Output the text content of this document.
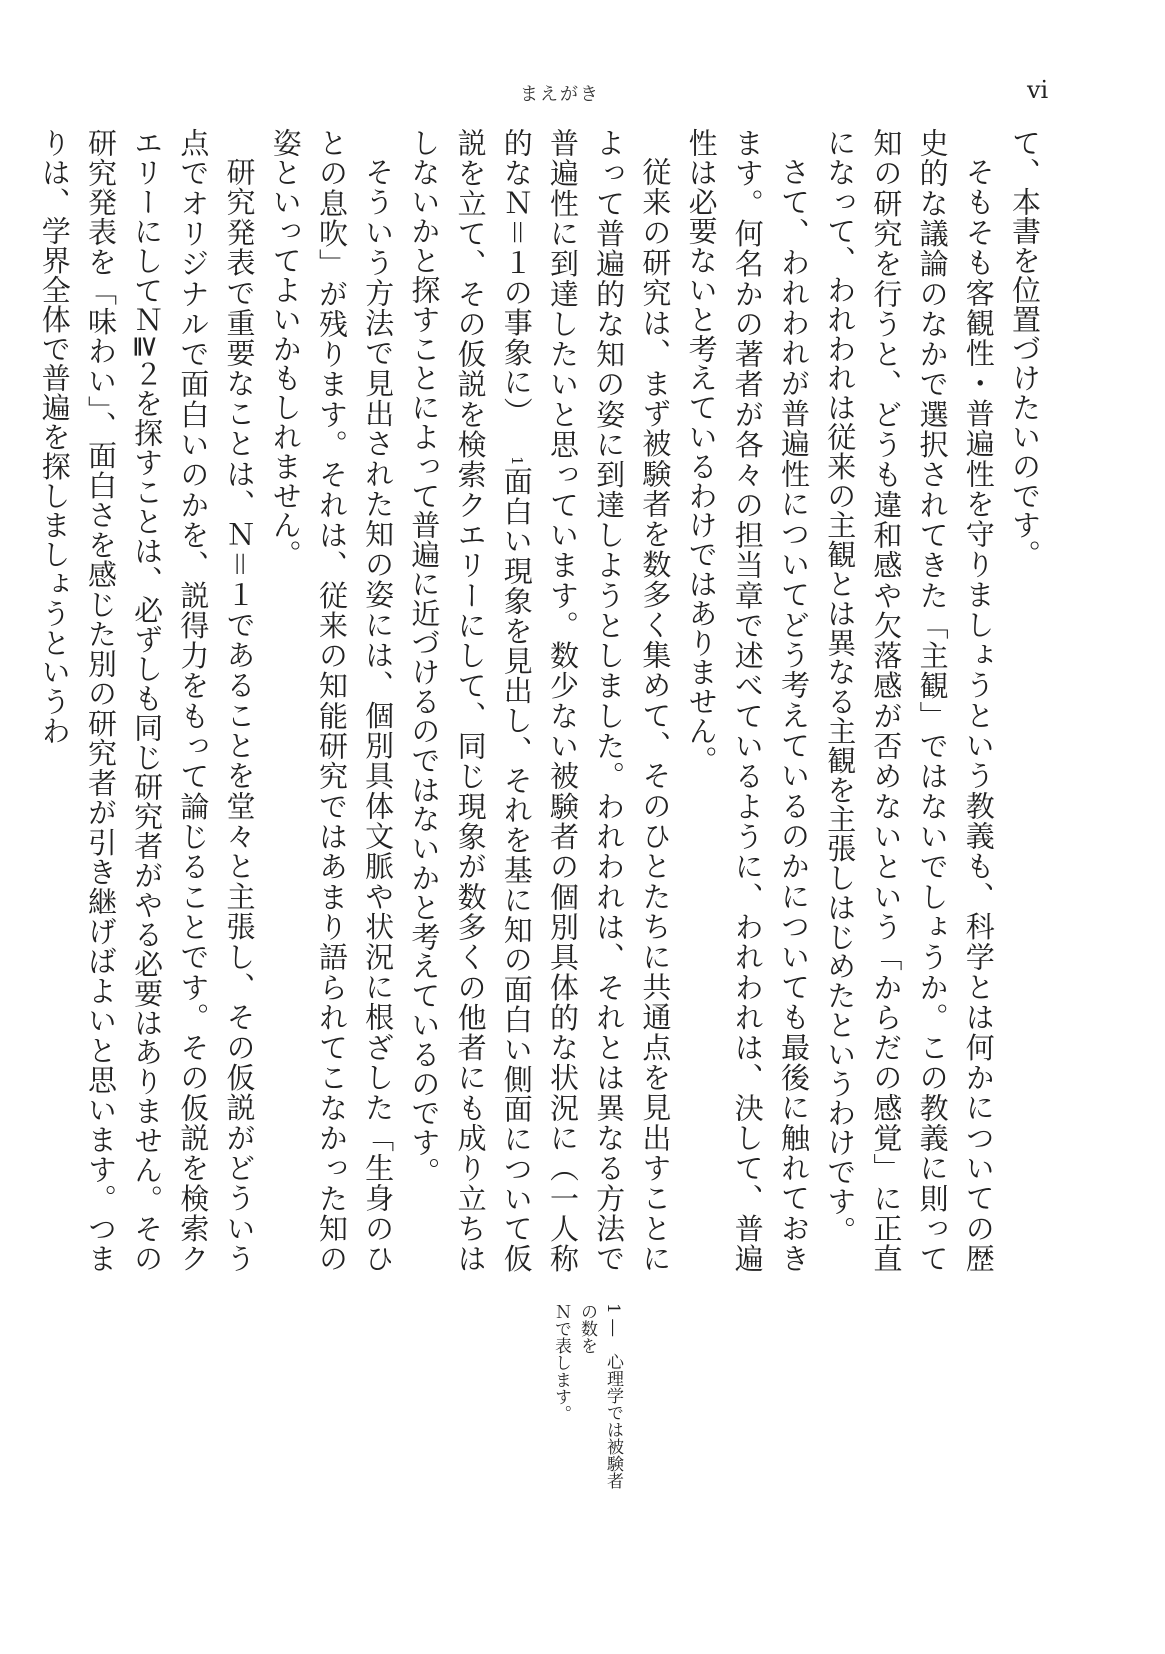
まえがき	vi

て、本書を位置づけたいのです。

そもそも客観性・普遍性を守りましょうという教義も、科学とは何かについての歴史的な議論のなかで選択されてきた「主観」ではないでしょうか。この教義に則って知の研究を行うと、どうも違和感や欠落感が否めないという「からだの感覚」に正直になって、われわれは従来の主観とは異なる主観を主張しはじめたというわけです。

さて、われわれが普遍性についてどう考えているのかについても最後に触れておきます。何名かの著者が各々の担当章で述べているように、われわれは、決して、普遍性は必要ないと考えているわけではありません。

従来の研究は、まず被験者を数多く集めて、そのひとたちに共通点を見出すことによって普遍的な知の姿に到達しようとしました。われわれは、それとは異なる方法で普遍性に到達したいと思っています。数少ない被験者の個別具体的な状況に（一人称的なＮ＝１の事象に）1面白い現象を見出し、それを基に知の面白い側面について仮説を立て、その仮説を検索クエリーにして、同じ現象が数多くの他者にも成り立ちはしないかと探すことによって普遍に近づけるのではないかと考えているのです。

そういう方法で見出された知の姿には、個別具体文脈や状況に根ざした「生身のひとの息吹」が残ります。それは、従来の知能研究ではあまり語られてこなかった知の姿といってよいかもしれません。

研究発表で重要なことは、Ｎ＝１であることを堂々と主張し、その仮説がどういう点でオリジナルで面白いのかを、説得力をもって論じることです。その仮説を検索クエリーにしてＮ≧２を探すことは、必ずしも同じ研究者がやる必要はありません。その研究発表を「味わい」、面白さを感じた別の研究者が引き継げばよいと思います。つまりは、学界全体で普遍を探しましょうというわ

1 ―　心理学では被験者の数を
Ｎで表します。
